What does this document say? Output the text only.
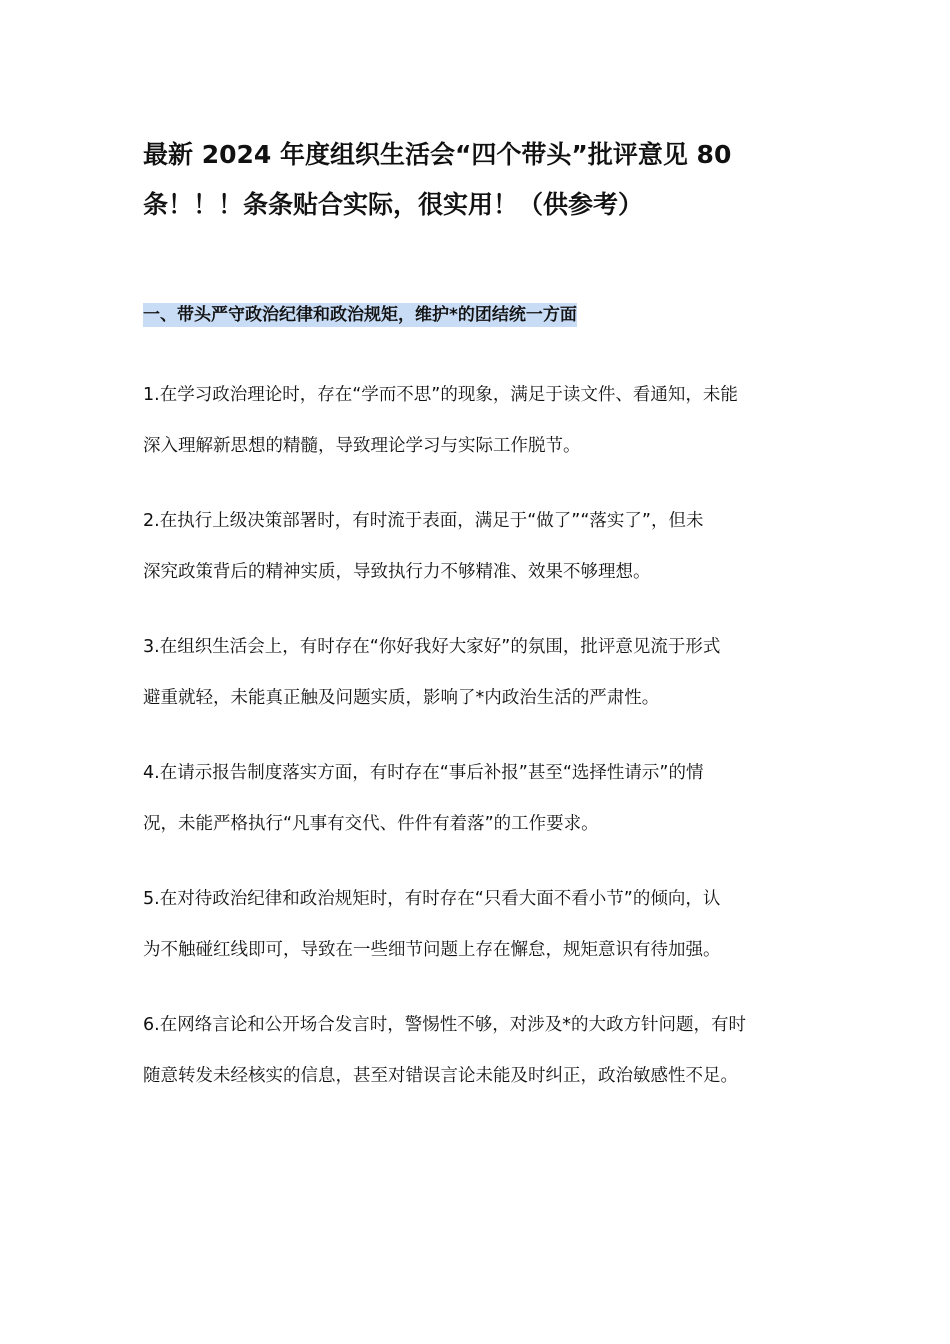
最新 2024 年度组织生活会“四个带头”批评意见 80
条！！！条条贴合实际，很实用！（供参考）
一、带头严守政治纪律和政治规矩，维护*的团结统一方面

1.在学习政治理论时，存在“学而不思”的现象，满足于读文件、看通知，未能
深入理解新思想的精髓，导致理论学习与实际工作脱节。

2.在执行上级决策部署时，有时流于表面，满足于“做了”“落实了”，但未
深究政策背后的精神实质，导致执行力不够精准、效果不够理想。

3.在组织生活会上，有时存在“你好我好大家好”的氛围，批评意见流于形式
避重就轻，未能真正触及问题实质，影响了*内政治生活的严肃性。

4.在请示报告制度落实方面，有时存在“事后补报”甚至“选择性请示”的情
况，未能严格执行“凡事有交代、件件有着落”的工作要求。

5.在对待政治纪律和政治规矩时，有时存在“只看大面不看小节”的倾向，认
为不触碰红线即可，导致在一些细节问题上存在懈怠，规矩意识有待加强。

6.在网络言论和公开场合发言时，警惕性不够，对涉及*的大政方针问题，有时
随意转发未经核实的信息，甚至对错误言论未能及时纠正，政治敏感性不足。
